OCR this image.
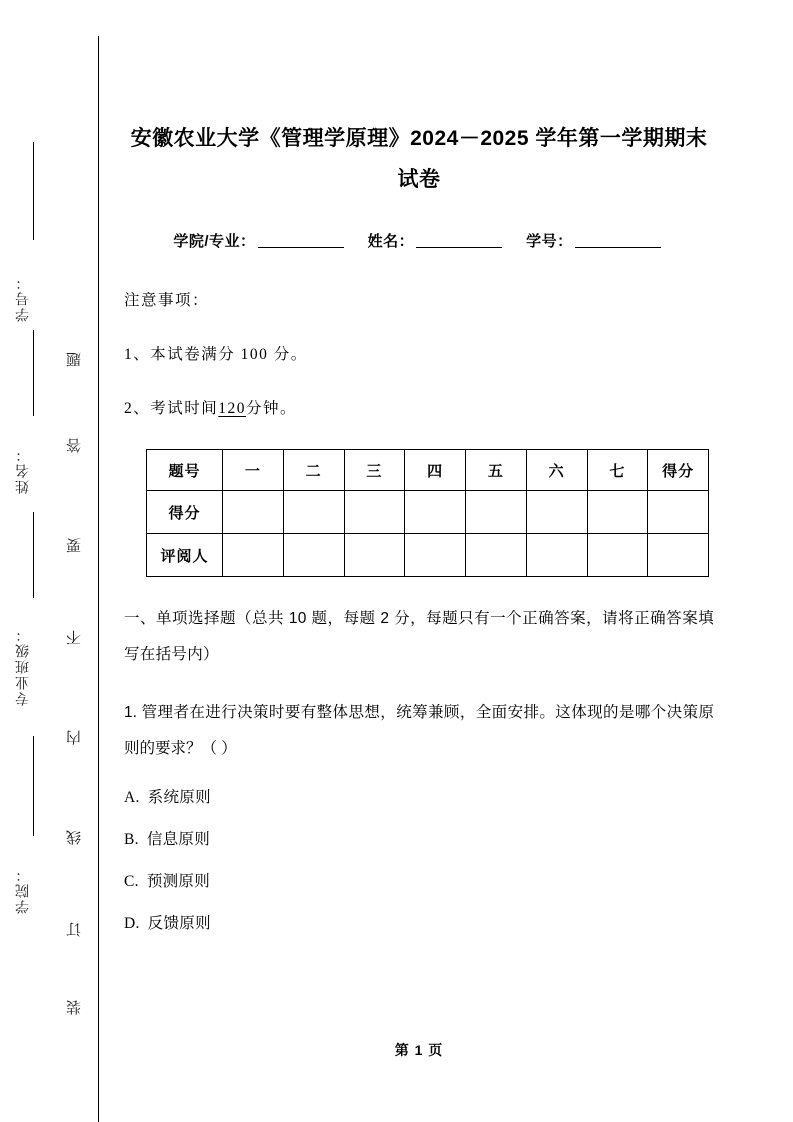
学号：
姓名：
专业班级：
学院：
题
答
要
不
内
线
订
装
安徽农业大学《管理学原理》2024－2025 学年第一学期期末试卷
学院/专业：	姓名：	学号：
注意事项：
1、本试卷满分 100 分。
2、考试时间120分钟。
题号	一	二	三	四	五	六	七	得分
得分								
评阅人								
一、单项选择题（总共 10 题，每题 2 分，每题只有一个正确答案，请将正确答案填写在括号内）
1. 管理者在进行决策时要有整体思想，统筹兼顾，全面安排。这体现的是哪个决策原则的要求？（ ）
A. 系统原则
B. 信息原则
C. 预测原则
D. 反馈原则
第 1 页
